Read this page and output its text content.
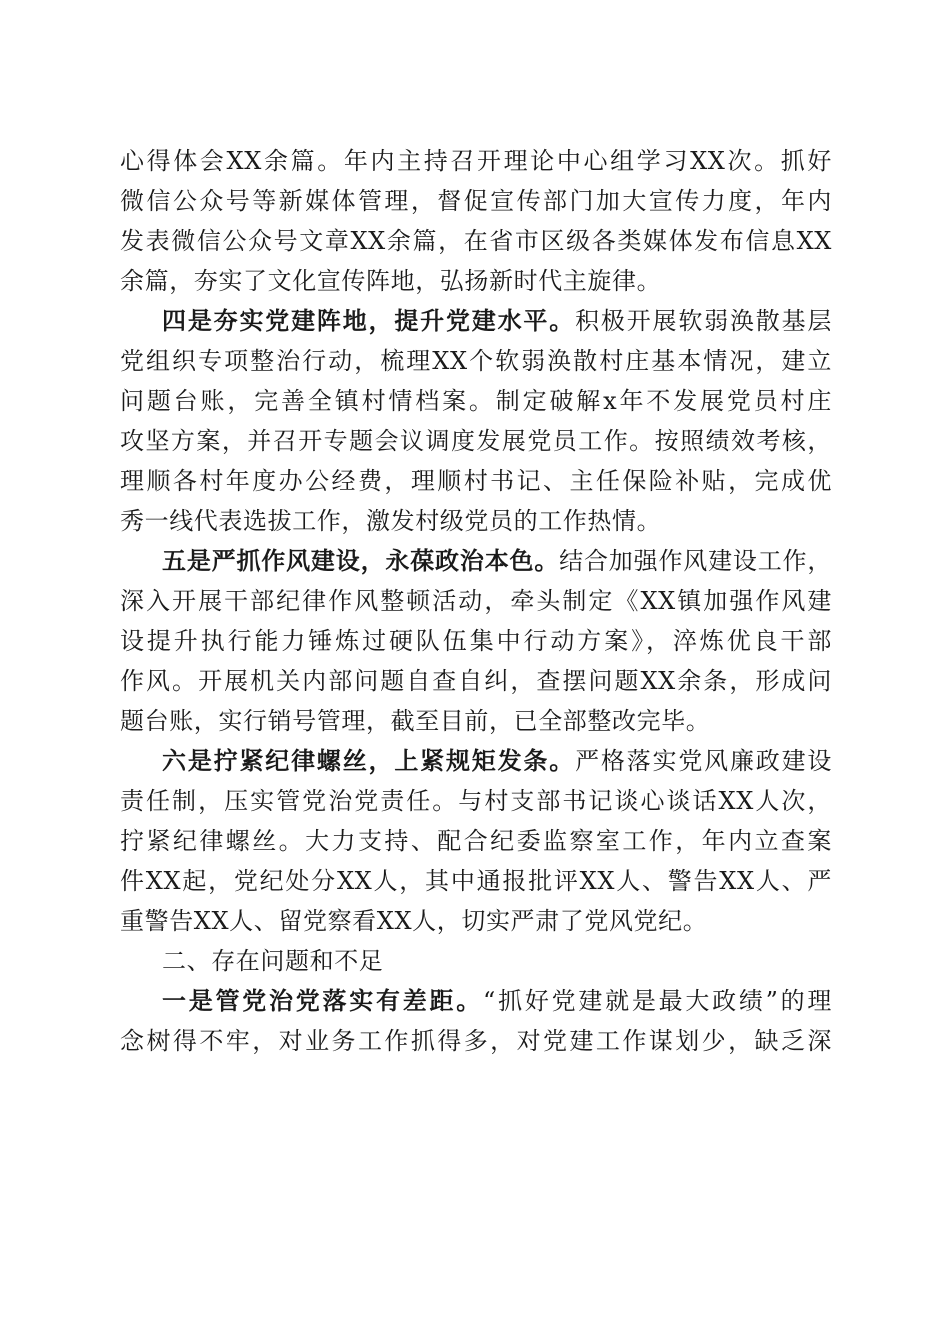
心得体会XX余篇。年内主持召开理论中心组学习XX次。抓好
微信公众号等新媒体管理，督促宣传部门加大宣传力度，年内
发表微信公众号文章XX余篇，在省市区级各类媒体发布信息XX
余篇，夯实了文化宣传阵地，弘扬新时代主旋律。
四是夯实党建阵地，提升党建水平。积极开展软弱涣散基层
党组织专项整治行动，梳理XX个软弱涣散村庄基本情况，建立
问题台账，完善全镇村情档案。制定破解x年不发展党员村庄
攻坚方案，并召开专题会议调度发展党员工作。按照绩效考核，
理顺各村年度办公经费，理顺村书记、主任保险补贴，完成优
秀一线代表选拔工作，激发村级党员的工作热情。
五是严抓作风建设，永葆政治本色。结合加强作风建设工作，
深入开展干部纪律作风整顿活动，牵头制定《XX镇加强作风建
设提升执行能力锤炼过硬队伍集中行动方案》，淬炼优良干部
作风。开展机关内部问题自查自纠，查摆问题XX余条，形成问
题台账，实行销号管理，截至目前，已全部整改完毕。
六是拧紧纪律螺丝，上紧规矩发条。严格落实党风廉政建设
责任制，压实管党治党责任。与村支部书记谈心谈话XX人次，
拧紧纪律螺丝。大力支持、配合纪委监察室工作，年内立查案
件XX起，党纪处分XX人，其中通报批评XX人、警告XX人、严
重警告XX人、留党察看XX人，切实严肃了党风党纪。
二、存在问题和不足
一是管党治党落实有差距。“抓好党建就是最大政绩”的理
念树得不牢，对业务工作抓得多，对党建工作谋划少，缺乏深
